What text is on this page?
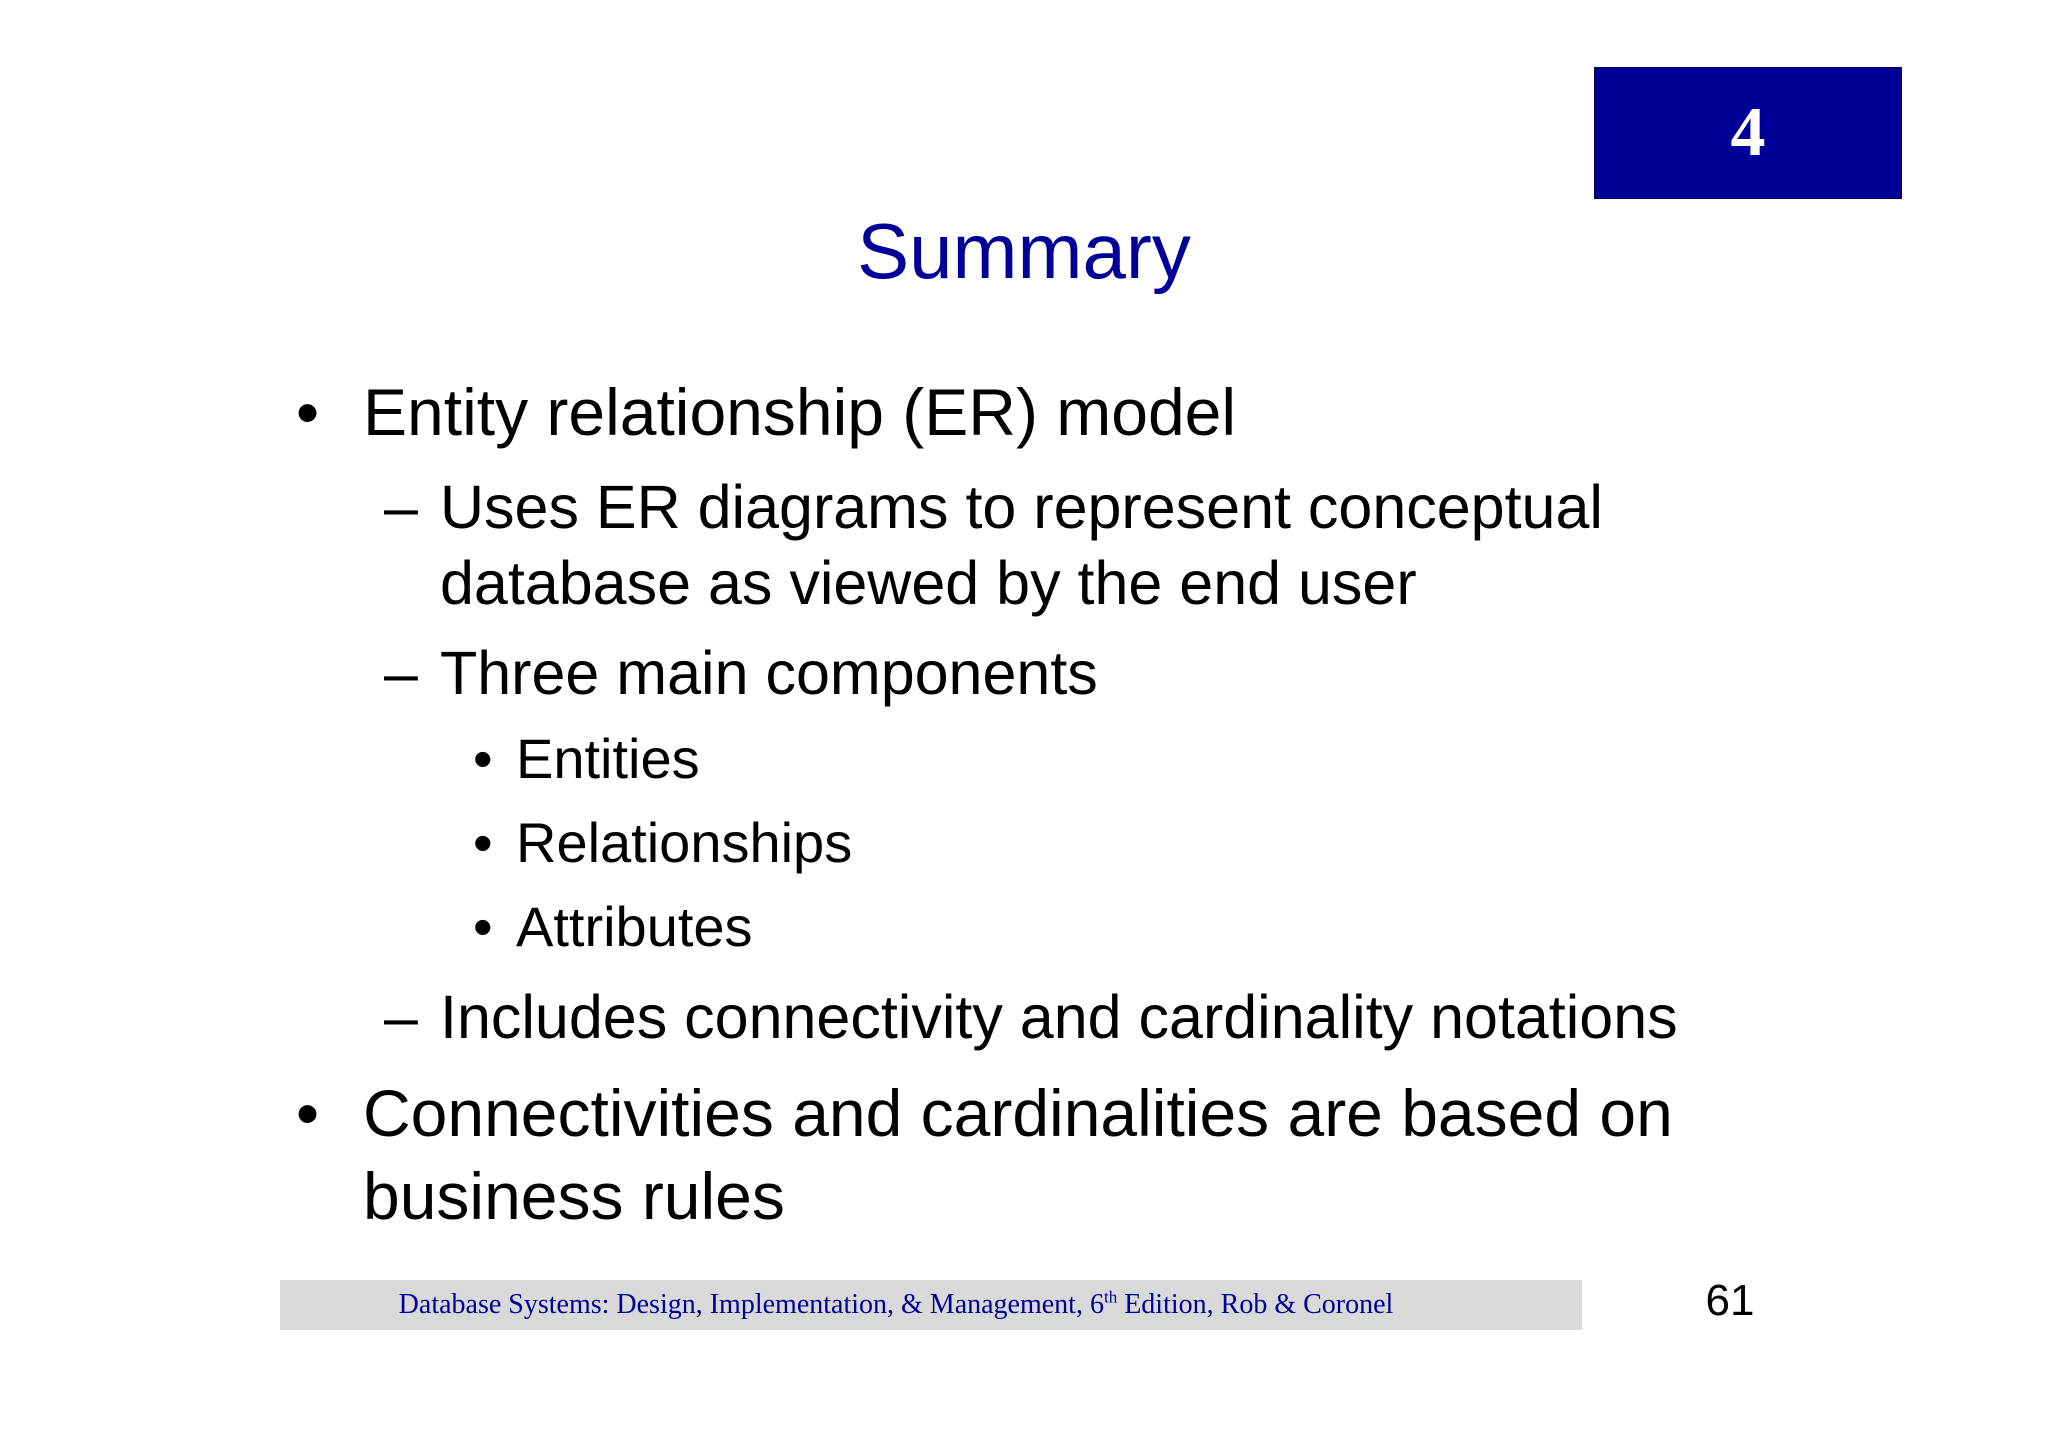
4
Summary
• Entity relationship (ER) model
– Uses ER diagrams to represent conceptual
database as viewed by the end user
– Three main components
• Entities
• Relationships
• Attributes
– Includes connectivity and cardinality notations
• Connectivities and cardinalities are based on
business rules
Database Systems: Design, Implementation, & Management, 6th Edition, Rob & Coronel	61
